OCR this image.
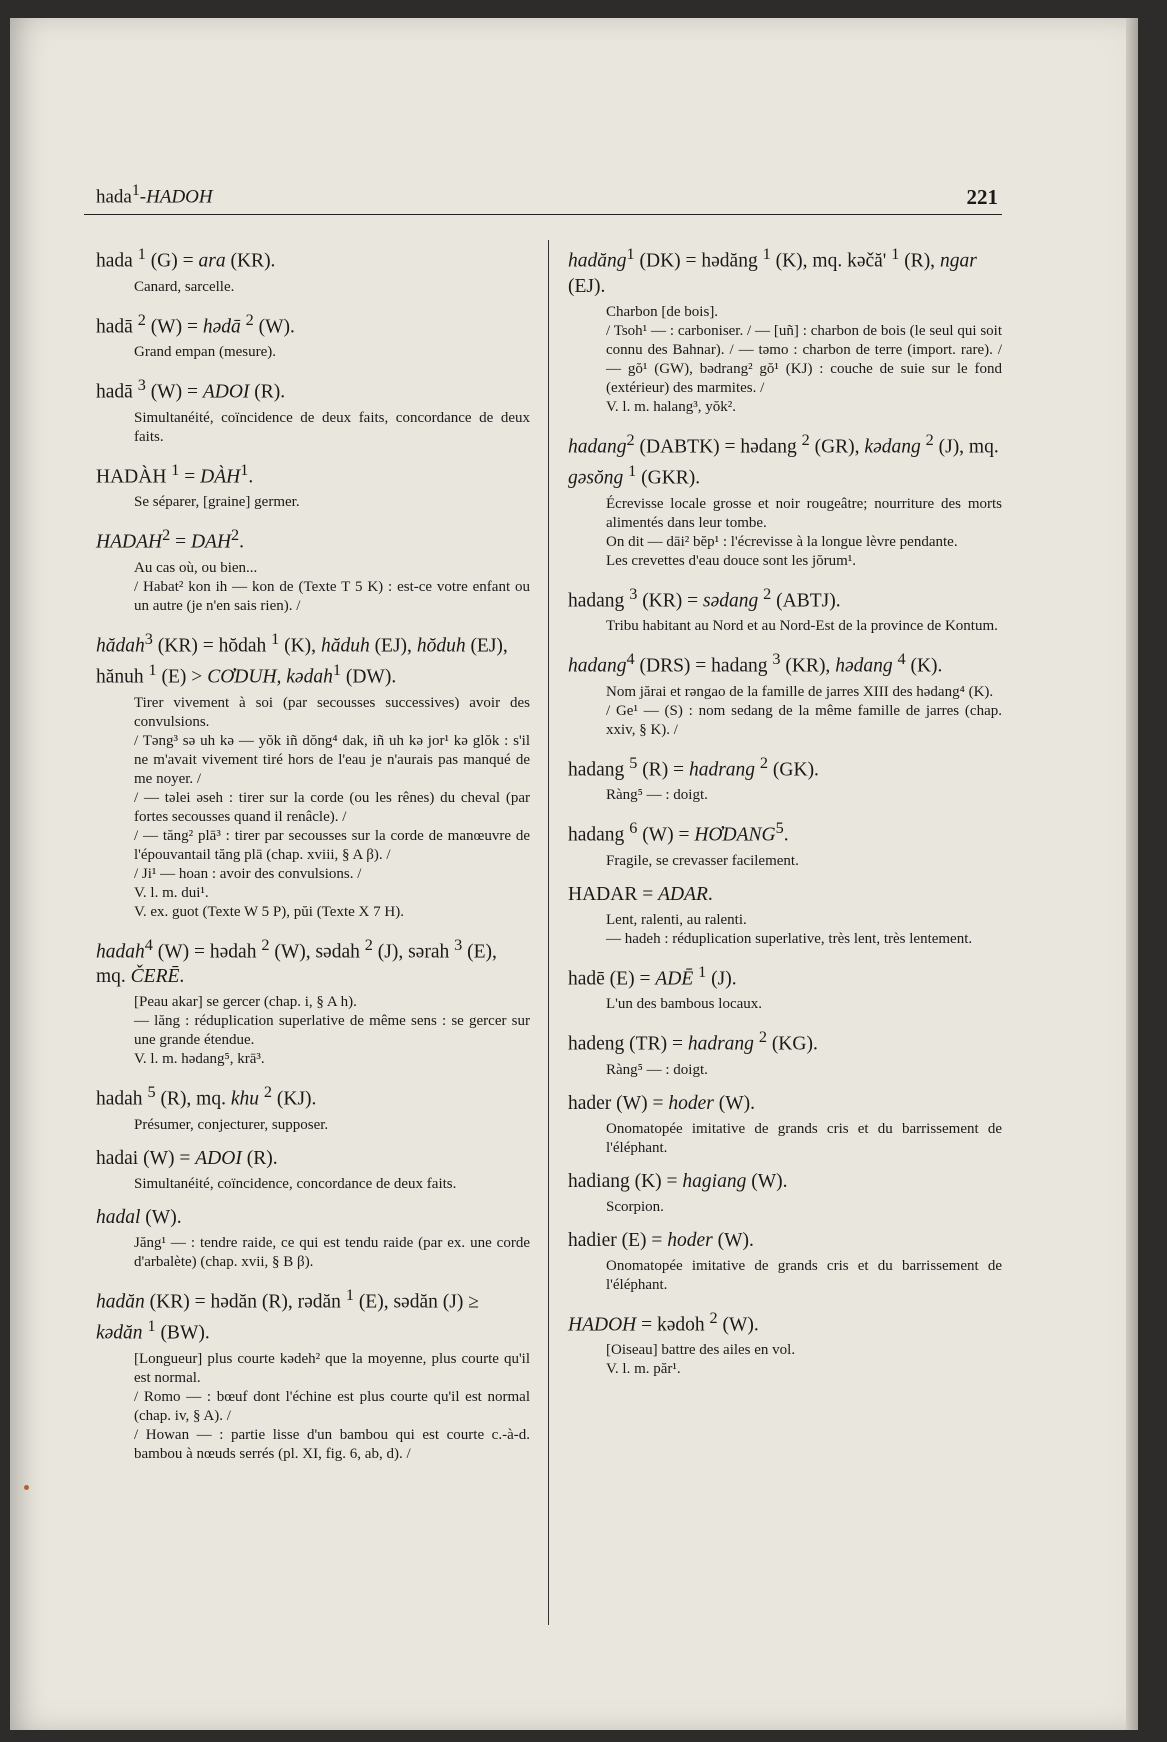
hada$^1$-HADOH	221

hada $^1$ (G) = ara (KR).

Canard, sarcelle.

hadā $^2$ (W) = hədā $^2$ (W).

Grand empan (mesure).

hadā $^3$ (W) = ADOI (R).

Simultanéité, coïncidence de deux faits, concordance de deux faits.

HADÀH $^1 = DÀH^1$.

Se séparer, [graine] germer.

$HADAH^2 = DAH^2$.

Au cas où, ou bien...

/ Habat² kon ih — kon de (Texte T 5 K) : est-ce votre enfant ou un autre (je n'en sais rien). /

hădah$^3$ (KR) = hŏdah $^1$ (K), hăduh (EJ), hŏduh (EJ), hănuh $^1$ (E) > CƠDUH, kədah$^1$ (DW).

Tirer vivement à soi (par secousses successives) avoir des convulsions.

/ Təng³ sə uh kə — yŏk iñ dŏng⁴ dak, iñ uh kə jor¹ kə glŏk : s'il ne m'avait vivement tiré hors de l'eau je n'aurais pas manqué de me noyer. /

/ — təlei əseh : tirer sur la corde (ou les rênes) du cheval (par fortes secousses quand il renâcle). /

/ — tăng² plā³ : tirer par secousses sur la corde de manœuvre de l'épouvantail tăng plā (chap. xviii, § A β). /

/ Ji¹ — hoan : avoir des convulsions. /

V. l. m. dui¹.

V. ex. guot (Texte W 5 P), pŭi (Texte X 7 H).

hadah$^4$ (W) = hədah $^2$ (W), sədah $^2$ (J), sərah $^3$ (E), mq. ČERĒ.

[Peau akar] se gercer (chap. i, § A h).

— lăng : réduplication superlative de même sens : se gercer sur une grande étendue.

V. l. m. hədang⁵, krā³.

hadah $^5$ (R), mq. khu $^2$ (KJ).

Présumer, conjecturer, supposer.

hadai (W) = ADOI (R).

Simultanéité, coïncidence, concordance de deux faits.

hadal (W).

Jăng¹ — : tendre raide, ce qui est tendu raide (par ex. une corde d'arbalète) (chap. xvii, § B β).

hadăn (KR) = hədăn (R), rədăn $^1$ (E), sədăn (J) ≥ kədăn $^1$ (BW).

[Longueur] plus courte kədeh² que la moyenne, plus courte qu'il est normal.

/ Romo — : bœuf dont l'échine est plus courte qu'il est normal (chap. iv, § A). /

/ Howan — : partie lisse d'un bambou qui est courte c.-à-d. bambou à nœuds serrés (pl. XI, fig. 6, ab, d). /

hadăng$^1$ (DK) = hədăng $^1$ (K), mq. kəčă' $^1$ (R), ngar (EJ).

Charbon [de bois].

/ Tsoh¹ — : carboniser. / — [uñ] : charbon de bois (le seul qui soit connu des Bahnar). / — təmo : charbon de terre (import. rare). / — gŏ¹ (GW), bədrang² gŏ¹ (KJ) : couche de suie sur le fond (extérieur) des marmites. /

V. l. m. halang³, yŏk².

hadang$^2$ (DABTK) = hədang $^2$ (GR), kədang $^2$ (J), mq. gəsŏng $^1$ (GKR).

Écrevisse locale grosse et noir rougeâtre; nourriture des morts alimentés dans leur tombe.

On dit — dāi² bĕp¹ : l'écrevisse à la longue lèvre pendante.

Les crevettes d'eau douce sont les jŏrum¹.

hadang $^3$ (KR) = sədang $^2$ (ABTJ).

Tribu habitant au Nord et au Nord-Est de la province de Kontum.

hadang$^4$ (DRS) = hadang $^3$ (KR), hədang $^4$ (K).

Nom jărai et rəngao de la famille de jarres XIII des hədang⁴ (K).

/ Ge¹ — (S) : nom sedang de la même famille de jarres (chap. xxiv, § K). /

hadang $^5$ (R) = hadrang $^2$ (GK).

Ràng⁵ — : doigt.

hadang $^6$ $(W) = HƠDANG^5$.

Fragile, se crevasser facilement.

HADAR = ADAR.

Lent, ralenti, au ralenti.

— hadeh : réduplication superlative, très lent, très lentement.

hadē (E) = ADĒ $^1$ (J).

L'un des bambous locaux.

hadeng (TR) = hadrang $^2$ (KG).

Ràng⁵ — : doigt.

hader (W) = hoder (W).

Onomatopée imitative de grands cris et du barrissement de l'éléphant.

hadiang (K) = hagiang (W).

Scorpion.

hadier (E) = hoder (W).

Onomatopée imitative de grands cris et du barrissement de l'éléphant.

HADOH = kədoh $^2$ (W).

[Oiseau] battre des ailes en vol.

V. l. m. păr¹.
